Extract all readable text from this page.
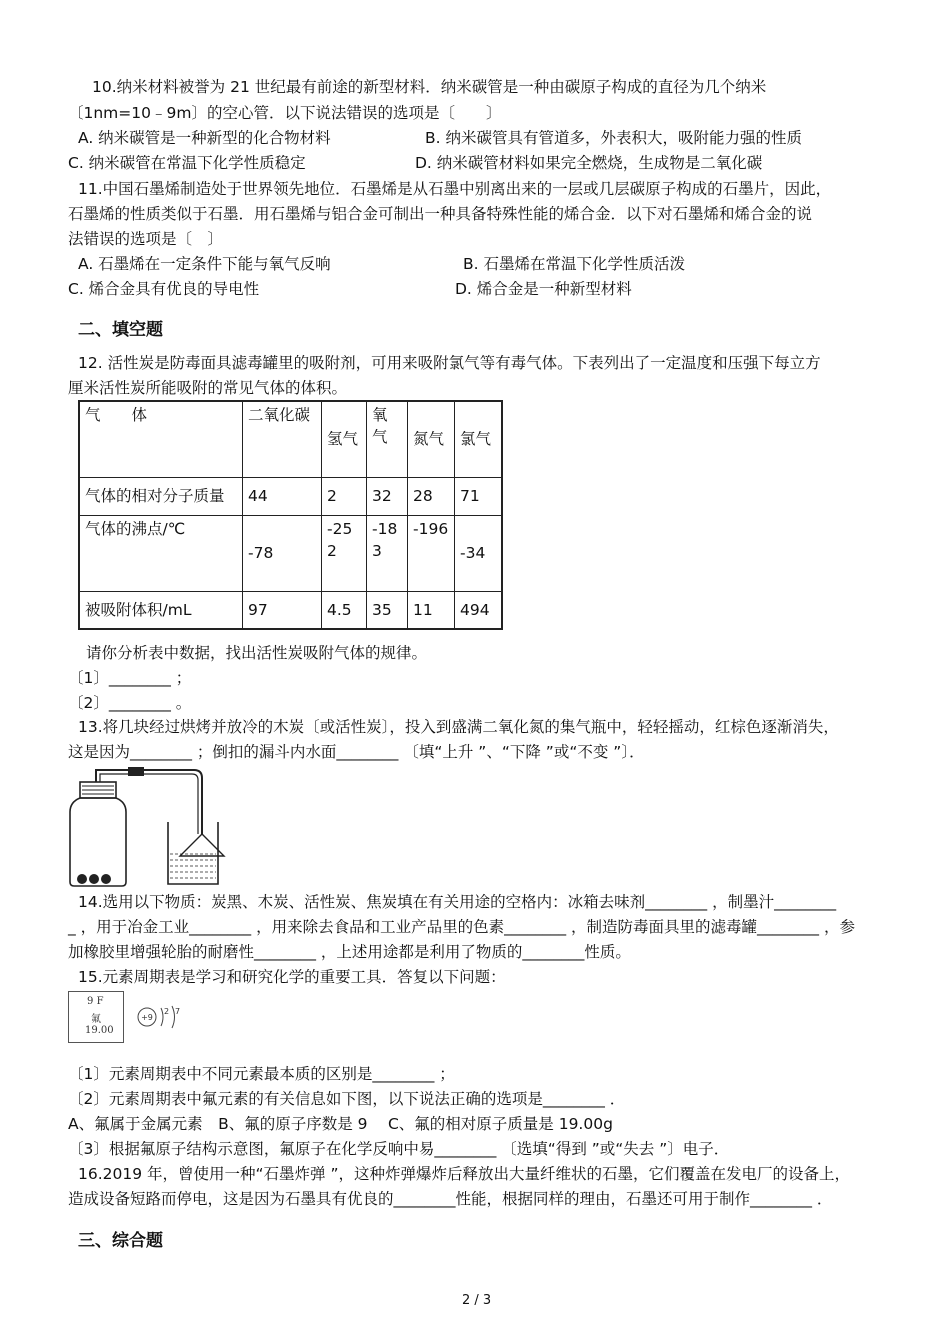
10.纳米材料被誉为 21 世纪最有前途的新型材料．纳米碳管是一种由碳原子构成的直径为几个纳米
〔1nm=10﹣9m〕的空心管．以下说法错误的选项是〔　　〕
A. 纳米碳管是一种新型的化合物材料	B. 纳米碳管具有管道多，外表积大，吸附能力强的性质
C. 纳米碳管在常温下化学性质稳定	D. 纳米碳管材料如果完全燃烧，生成物是二氧化碳
11.中国石墨烯制造处于世界领先地位．石墨烯是从石墨中别离出来的一层或几层碳原子构成的石墨片，因此，
石墨烯的性质类似于石墨．用石墨烯与铝合金可制出一种具备特殊性能的烯合金．以下对石墨烯和烯合金的说
法错误的选项是〔　〕
A. 石墨烯在一定条件下能与氧气反响	B. 石墨烯在常温下化学性质活泼
C. 烯合金具有优良的导电性	D. 烯合金是一种新型材料
二、填空题
12. 活性炭是防毒面具滤毒罐里的吸附剂，可用来吸附氯气等有毒气体。下表列出了一定温度和压强下每立方
厘米活性炭所能吸附的常见气体的体积。
气　　体	二氧化碳	氢气	氧气	氮气	氯气
气体的相对分子质量	44	2	32	28	71
气体的沸点/℃	-78	-252	-183	-196	-34
被吸附体积/mL	97	4.5	35	11	494
请你分析表中数据，找出活性炭吸附气体的规律。
〔1〕________ ；
〔2〕________ 。
13.将几块经过烘烤并放冷的木炭〔或活性炭〕，投入到盛满二氧化氮的集气瓶中，轻轻摇动，红棕色逐渐消失，
这是因为________ ；倒扣的漏斗内水面________ 〔填“上升 ”、“下降 ”或“不变 ”〕．
14.选用以下物质：炭黑、木炭、活性炭、焦炭填在有关用途的空格内：冰箱去味剂________ ，制墨汁________
_ ，用于冶金工业________ ，用来除去食品和工业产品里的色素________ ，制造防毒面具里的滤毒罐________ ，参
加橡胶里增强轮胎的耐磨性________ ，上述用途都是利用了物质的________性质。
15.元素周期表是学习和研究化学的重要工具．答复以下问题：
9 F
氟
19.00
+9
2 7
〔1〕元素周期表中不同元素最本质的区别是________ ；
〔2〕元素周期表中氟元素的有关信息如下图，以下说法正确的选项是________ ．
A、氟属于金属元素　B、氟的原子序数是 9　 C、氟的相对原子质量是 19.00g
〔3〕根据氟原子结构示意图，氟原子在化学反响中易________ 〔选填“得到 ”或“失去 ”〕电子．
16.2019 年，曾使用一种“石墨炸弹 ”，这种炸弹爆炸后释放出大量纤维状的石墨，它们覆盖在发电厂的设备上，
造成设备短路而停电，这是因为石墨具有优良的________性能，根据同样的理由，石墨还可用于制作________ ．
三、综合题
2 / 3
